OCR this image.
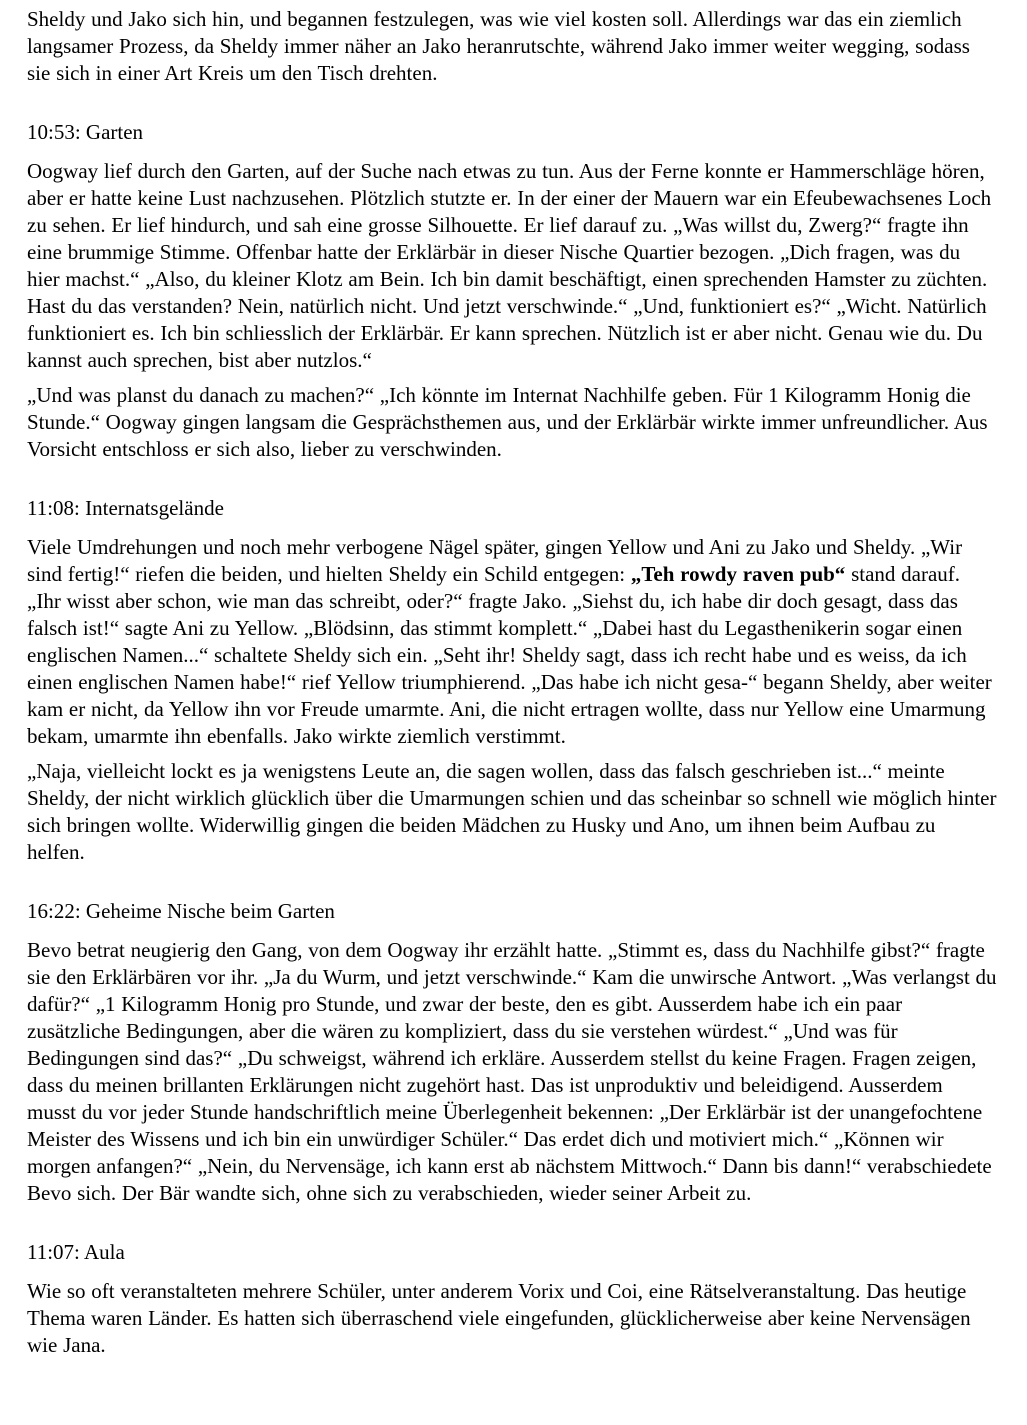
Sheldy und Jako sich hin, und begannen festzulegen, was wie viel kosten soll. Allerdings war das ein ziemlich langsamer Prozess, da Sheldy immer näher an Jako heranrutschte, während Jako immer weiter wegging, sodass sie sich in einer Art Kreis um den Tisch drehten.

10:53: Garten

Oogway lief durch den Garten, auf der Suche nach etwas zu tun. Aus der Ferne konnte er Hammerschläge hören, aber er hatte keine Lust nachzusehen. Plötzlich stutzte er. In der einer der Mauern war ein Efeubewachsenes Loch zu sehen. Er lief hindurch, und sah eine grosse Silhouette. Er lief darauf zu. „Was willst du, Zwerg?“ fragte ihn eine brummige Stimme. Offenbar hatte der Erklärbär in dieser Nische Quartier bezogen. „Dich fragen, was du hier machst.“ „Also, du kleiner Klotz am Bein. Ich bin damit beschäftigt, einen sprechenden Hamster zu züchten. Hast du das verstanden? Nein, natürlich nicht. Und jetzt verschwinde.“ „Und, funktioniert es?“ „Wicht. Natürlich funktioniert es. Ich bin schliesslich der Erklärbär. Er kann sprechen. Nützlich ist er aber nicht. Genau wie du. Du kannst auch sprechen, bist aber nutzlos.“

„Und was planst du danach zu machen?“ „Ich könnte im Internat Nachhilfe geben. Für 1 Kilogramm Honig die Stunde.“ Oogway gingen langsam die Gesprächsthemen aus, und der Erklärbär wirkte immer unfreundlicher. Aus Vorsicht entschloss er sich also, lieber zu verschwinden.

11:08: Internatsgelände

Viele Umdrehungen und noch mehr verbogene Nägel später, gingen Yellow und Ani zu Jako und Sheldy. „Wir sind fertig!“ riefen die beiden, und hielten Sheldy ein Schild entgegen: „Teh rowdy raven pub“ stand darauf. „Ihr wisst aber schon, wie man das schreibt, oder?“ fragte Jako. „Siehst du, ich habe dir doch gesagt, dass das falsch ist!“ sagte Ani zu Yellow. „Blödsinn, das stimmt komplett.“ „Dabei hast du Legasthenikerin sogar einen englischen Namen...“ schaltete Sheldy sich ein. „Seht ihr! Sheldy sagt, dass ich recht habe und es weiss, da ich einen englischen Namen habe!“ rief Yellow triumphierend. „Das habe ich nicht gesa-“ begann Sheldy, aber weiter kam er nicht, da Yellow ihn vor Freude umarmte. Ani, die nicht ertragen wollte, dass nur Yellow eine Umarmung bekam, umarmte ihn ebenfalls. Jako wirkte ziemlich verstimmt.

„Naja, vielleicht lockt es ja wenigstens Leute an, die sagen wollen, dass das falsch geschrieben ist...“ meinte Sheldy, der nicht wirklich glücklich über die Umarmungen schien und das scheinbar so schnell wie möglich hinter sich bringen wollte. Widerwillig gingen die beiden Mädchen zu Husky und Ano, um ihnen beim Aufbau zu helfen.

16:22: Geheime Nische beim Garten

Bevo betrat neugierig den Gang, von dem Oogway ihr erzählt hatte. „Stimmt es, dass du Nachhilfe gibst?“ fragte sie den Erklärbären vor ihr. „Ja du Wurm, und jetzt verschwinde.“ Kam die unwirsche Antwort. „Was verlangst du dafür?“ „1 Kilogramm Honig pro Stunde, und zwar der beste, den es gibt. Ausserdem habe ich ein paar zusätzliche Bedingungen, aber die wären zu kompliziert, dass du sie verstehen würdest.“ „Und was für Bedingungen sind das?“ „Du schweigst, während ich erkläre. Ausserdem stellst du keine Fragen. Fragen zeigen, dass du meinen brillanten Erklärungen nicht zugehört hast. Das ist unproduktiv und beleidigend. Ausserdem musst du vor jeder Stunde handschriftlich meine Überlegenheit bekennen: „Der Erklärbär ist der unangefochtene Meister des Wissens und ich bin ein unwürdiger Schüler.“ Das erdet dich und motiviert mich.“ „Können wir morgen anfangen?“ „Nein, du Nervensäge, ich kann erst ab nächstem Mittwoch.“ Dann bis dann!“ verabschiedete Bevo sich. Der Bär wandte sich, ohne sich zu verabschieden, wieder seiner Arbeit zu.

11:07: Aula

Wie so oft veranstalteten mehrere Schüler, unter anderem Vorix und Coi, eine Rätselveranstaltung. Das heutige Thema waren Länder. Es hatten sich überraschend viele eingefunden, glücklicherweise aber keine Nervensägen wie Jana.
